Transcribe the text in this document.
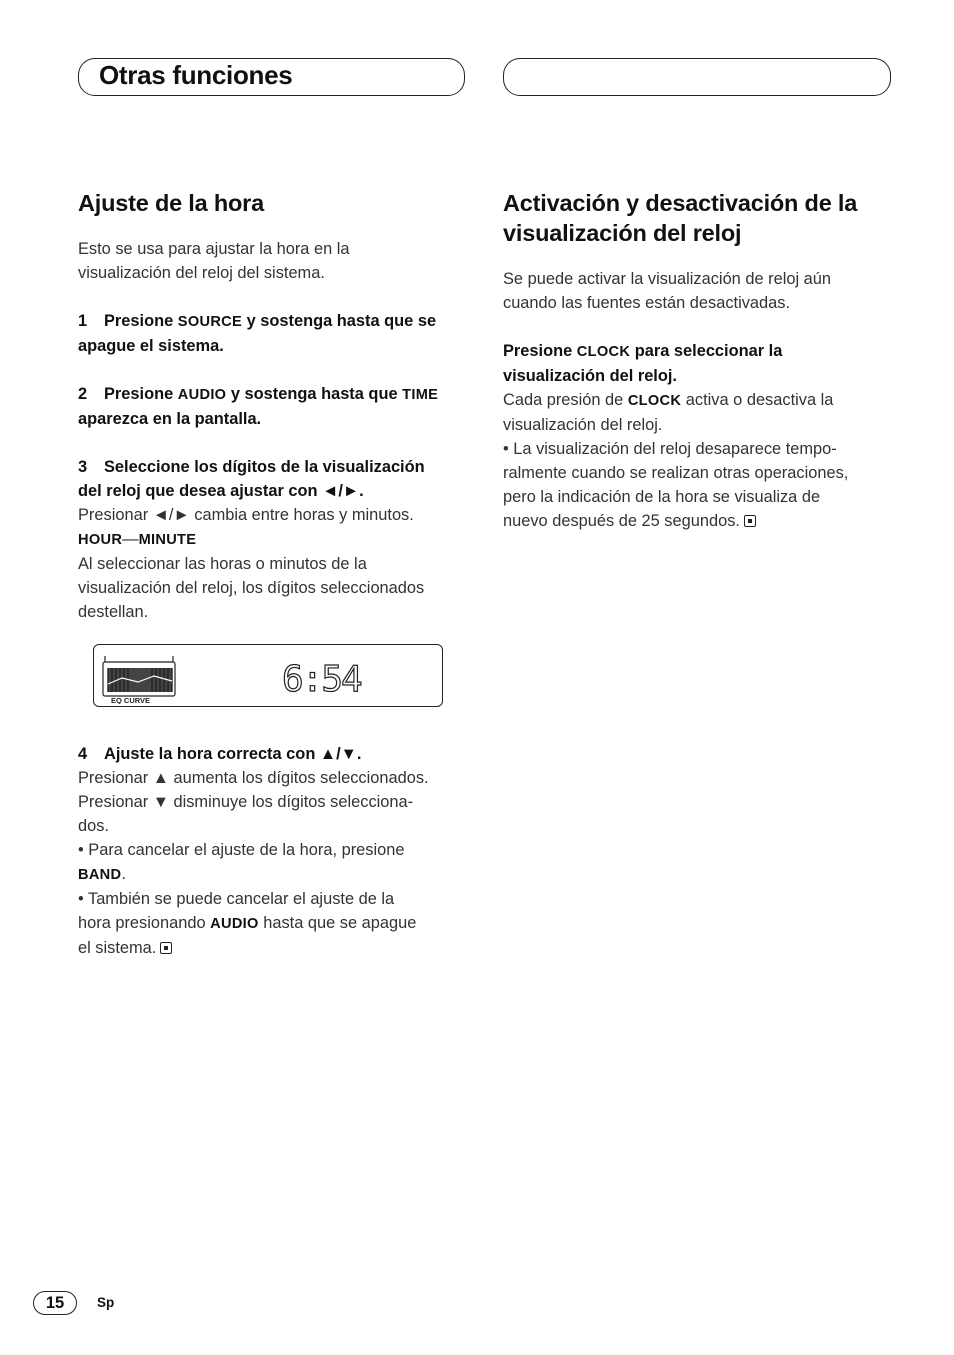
Otras funciones
Ajuste de la hora

Esto se usa para ajustar la hora en la
visualización del reloj del sistema.

1 Presione SOURCE y sostenga hasta que se
apague el sistema.

2 Presione AUDIO y sostenga hasta que TIME
aparezca en la pantalla.

3 Seleccione los dígitos de la visualización
del reloj que desea ajustar con ◄/►.

Presionar ◄/► cambia entre horas y minutos.
HOUR—MINUTE
Al seleccionar las horas o minutos de la
visualización del reloj, los dígitos seleccionados
destellan.

EQ CURVE
6:54

4 Ajuste la hora correcta con ▲/▼.

Presionar ▲ aumenta los dígitos seleccionados.
Presionar ▼ disminuye los dígitos selecciona-
dos.
• Para cancelar el ajuste de la hora, presione
BAND.
• También se puede cancelar el ajuste de la
hora presionando AUDIO hasta que se apague
el sistema.

Activación y desactivación de la
visualización del reloj

Se puede activar la visualización de reloj aún
cuando las fuentes están desactivadas.

Presione CLOCK para seleccionar la
visualización del reloj.

Cada presión de CLOCK activa o desactiva la
visualización del reloj.
• La visualización del reloj desaparece tempo-
ralmente cuando se realizan otras operaciones,
pero la indicación de la hora se visualiza de
nuevo después de 25 segundos.

15	Sp
